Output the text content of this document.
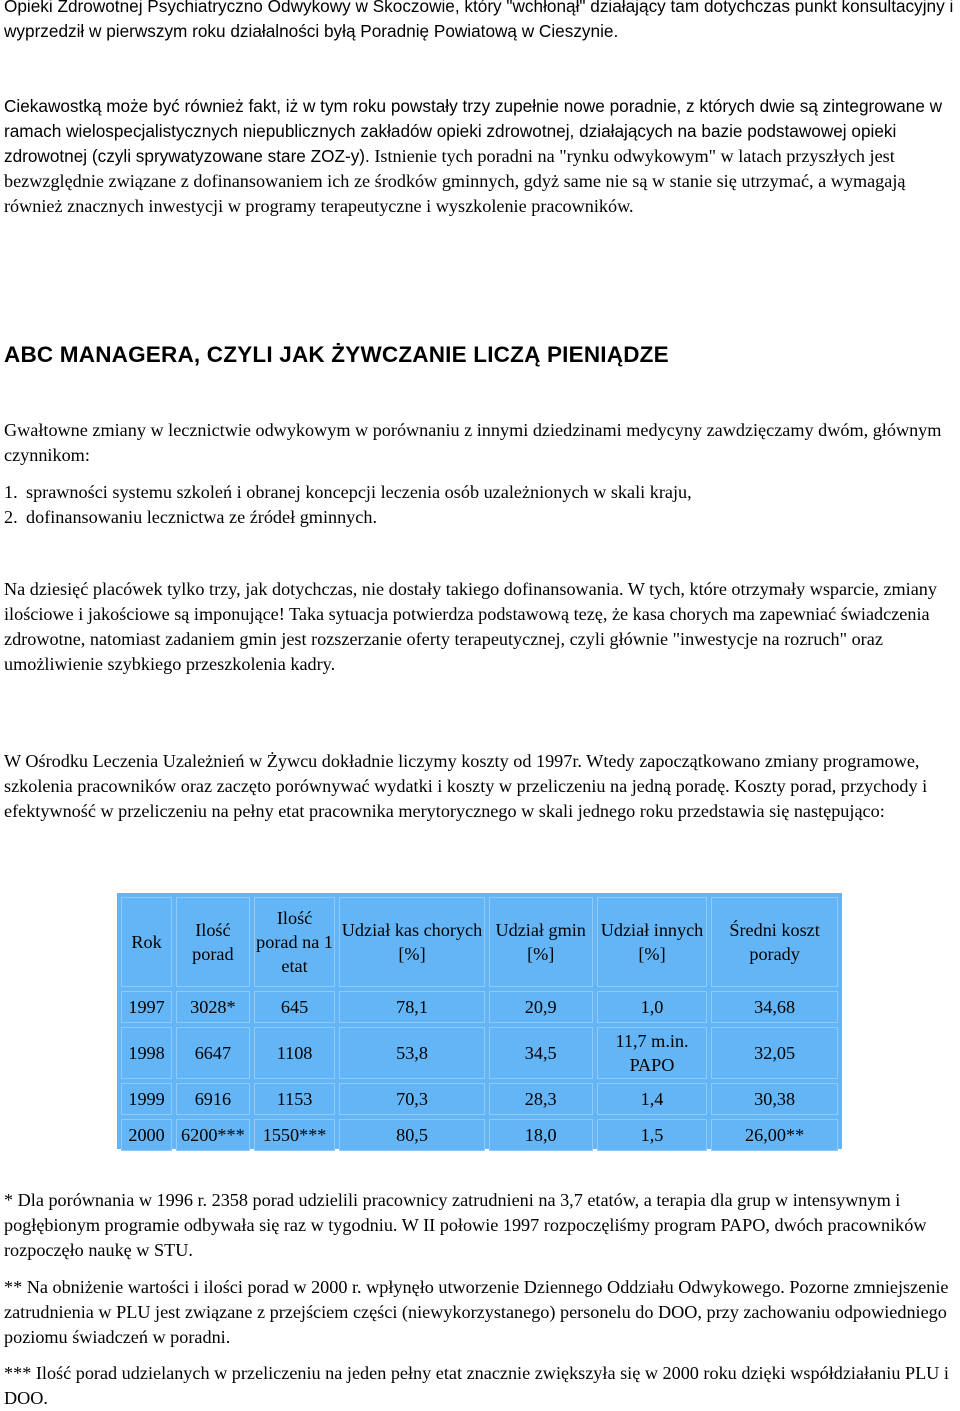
Opieki Zdrowotnej Psychiatryczno Odwykowy w Skoczowie, który "wchłonął" działający tam dotychczas punkt konsultacyjny i wyprzedził w pierwszym roku działalności byłą Poradnię Powiatową w Cieszynie.

Ciekawostką może być również fakt, iż w tym roku powstały trzy zupełnie nowe poradnie, z których dwie są zintegrowane w ramach wielospecjalistycznych niepublicznych zakładów opieki zdrowotnej, działających na bazie podstawowej opieki zdrowotnej (czyli sprywatyzowane stare ZOZ-y). Istnienie tych poradni na "rynku odwykowym" w latach przyszłych jest bezwzględnie związane z dofinansowaniem ich ze środków gminnych, gdyż same nie są w stanie się utrzymać, a wymagają również znacznych inwestycji w programy terapeutyczne i wyszkolenie pracowników.

ABC MANAGERA, CZYLI JAK ŻYWCZANIE LICZĄ PIENIĄDZE

Gwałtowne zmiany w lecznictwie odwykowym w porównaniu z innymi dziedzinami medycyny zawdzięczamy dwóm, głównym czynnikom:

1 . sprawności systemu szkoleń i obranej koncepcji leczenia osób uzależnionych w skali kraju,
2 . dofinansowaniu lecznictwa ze źródeł gminnych.

Na dziesięć placówek tylko trzy, jak dotychczas, nie dostały takiego dofinansowania. W tych, które otrzymały wsparcie, zmiany ilościowe i jakościowe są imponujące! Taka sytuacja potwierdza podstawową tezę, że kasa chorych ma zapewniać świadczenia zdrowotne, natomiast zadaniem gmin jest rozszerzanie oferty terapeutycznej, czyli głównie "inwestycje na rozruch" oraz umożliwienie szybkiego przeszkolenia kadry.

W Ośrodku Leczenia Uzależnień w Żywcu dokładnie liczymy koszty od 1997r. Wtedy zapoczątkowano zmiany programowe, szkolenia pracowników oraz zaczęto porównywać wydatki i koszty w przeliczeniu na jedną poradę. Koszty porad, przychody i efektywność w przeliczeniu na pełny etat pracownika merytorycznego w skali jednego roku przedstawia się następująco:

Rok	Ilość porad	Ilość porad na 1 etat	Udział kas chorych [%]	Udział gmin [%]	Udział innych [%]	Średni koszt porady
1997	3028*	645	78,1	20,9	1,0	34,68
1998	6647	1108	53,8	34,5	11,7 m.in. PAPO	32,05
1999	6916	1153	70,3	28,3	1,4	30,38
2000	6200***	1550***	80,5	18,0	1,5	26,00**

* Dla porównania w 1996 r. 2358 porad udzielili pracownicy zatrudnieni na 3,7 etatów, a terapia dla grup w intensywnym i pogłębionym programie odbywała się raz w tygodniu. W II połowie 1997 rozpoczęliśmy program PAPO, dwóch pracowników rozpoczęło naukę w STU.

** Na obniżenie wartości i ilości porad w 2000 r. wpłynęło utworzenie Dziennego Oddziału Odwykowego. Pozorne zmniejszenie zatrudnienia w PLU jest związane z przejściem części (niewykorzystanego) personelu do DOO, przy zachowaniu odpowiedniego poziomu świadczeń w poradni.

*** Ilość porad udzielanych w przeliczeniu na jeden pełny etat znacznie zwiększyła się w 2000 roku dzięki współdziałaniu PLU i DOO.
